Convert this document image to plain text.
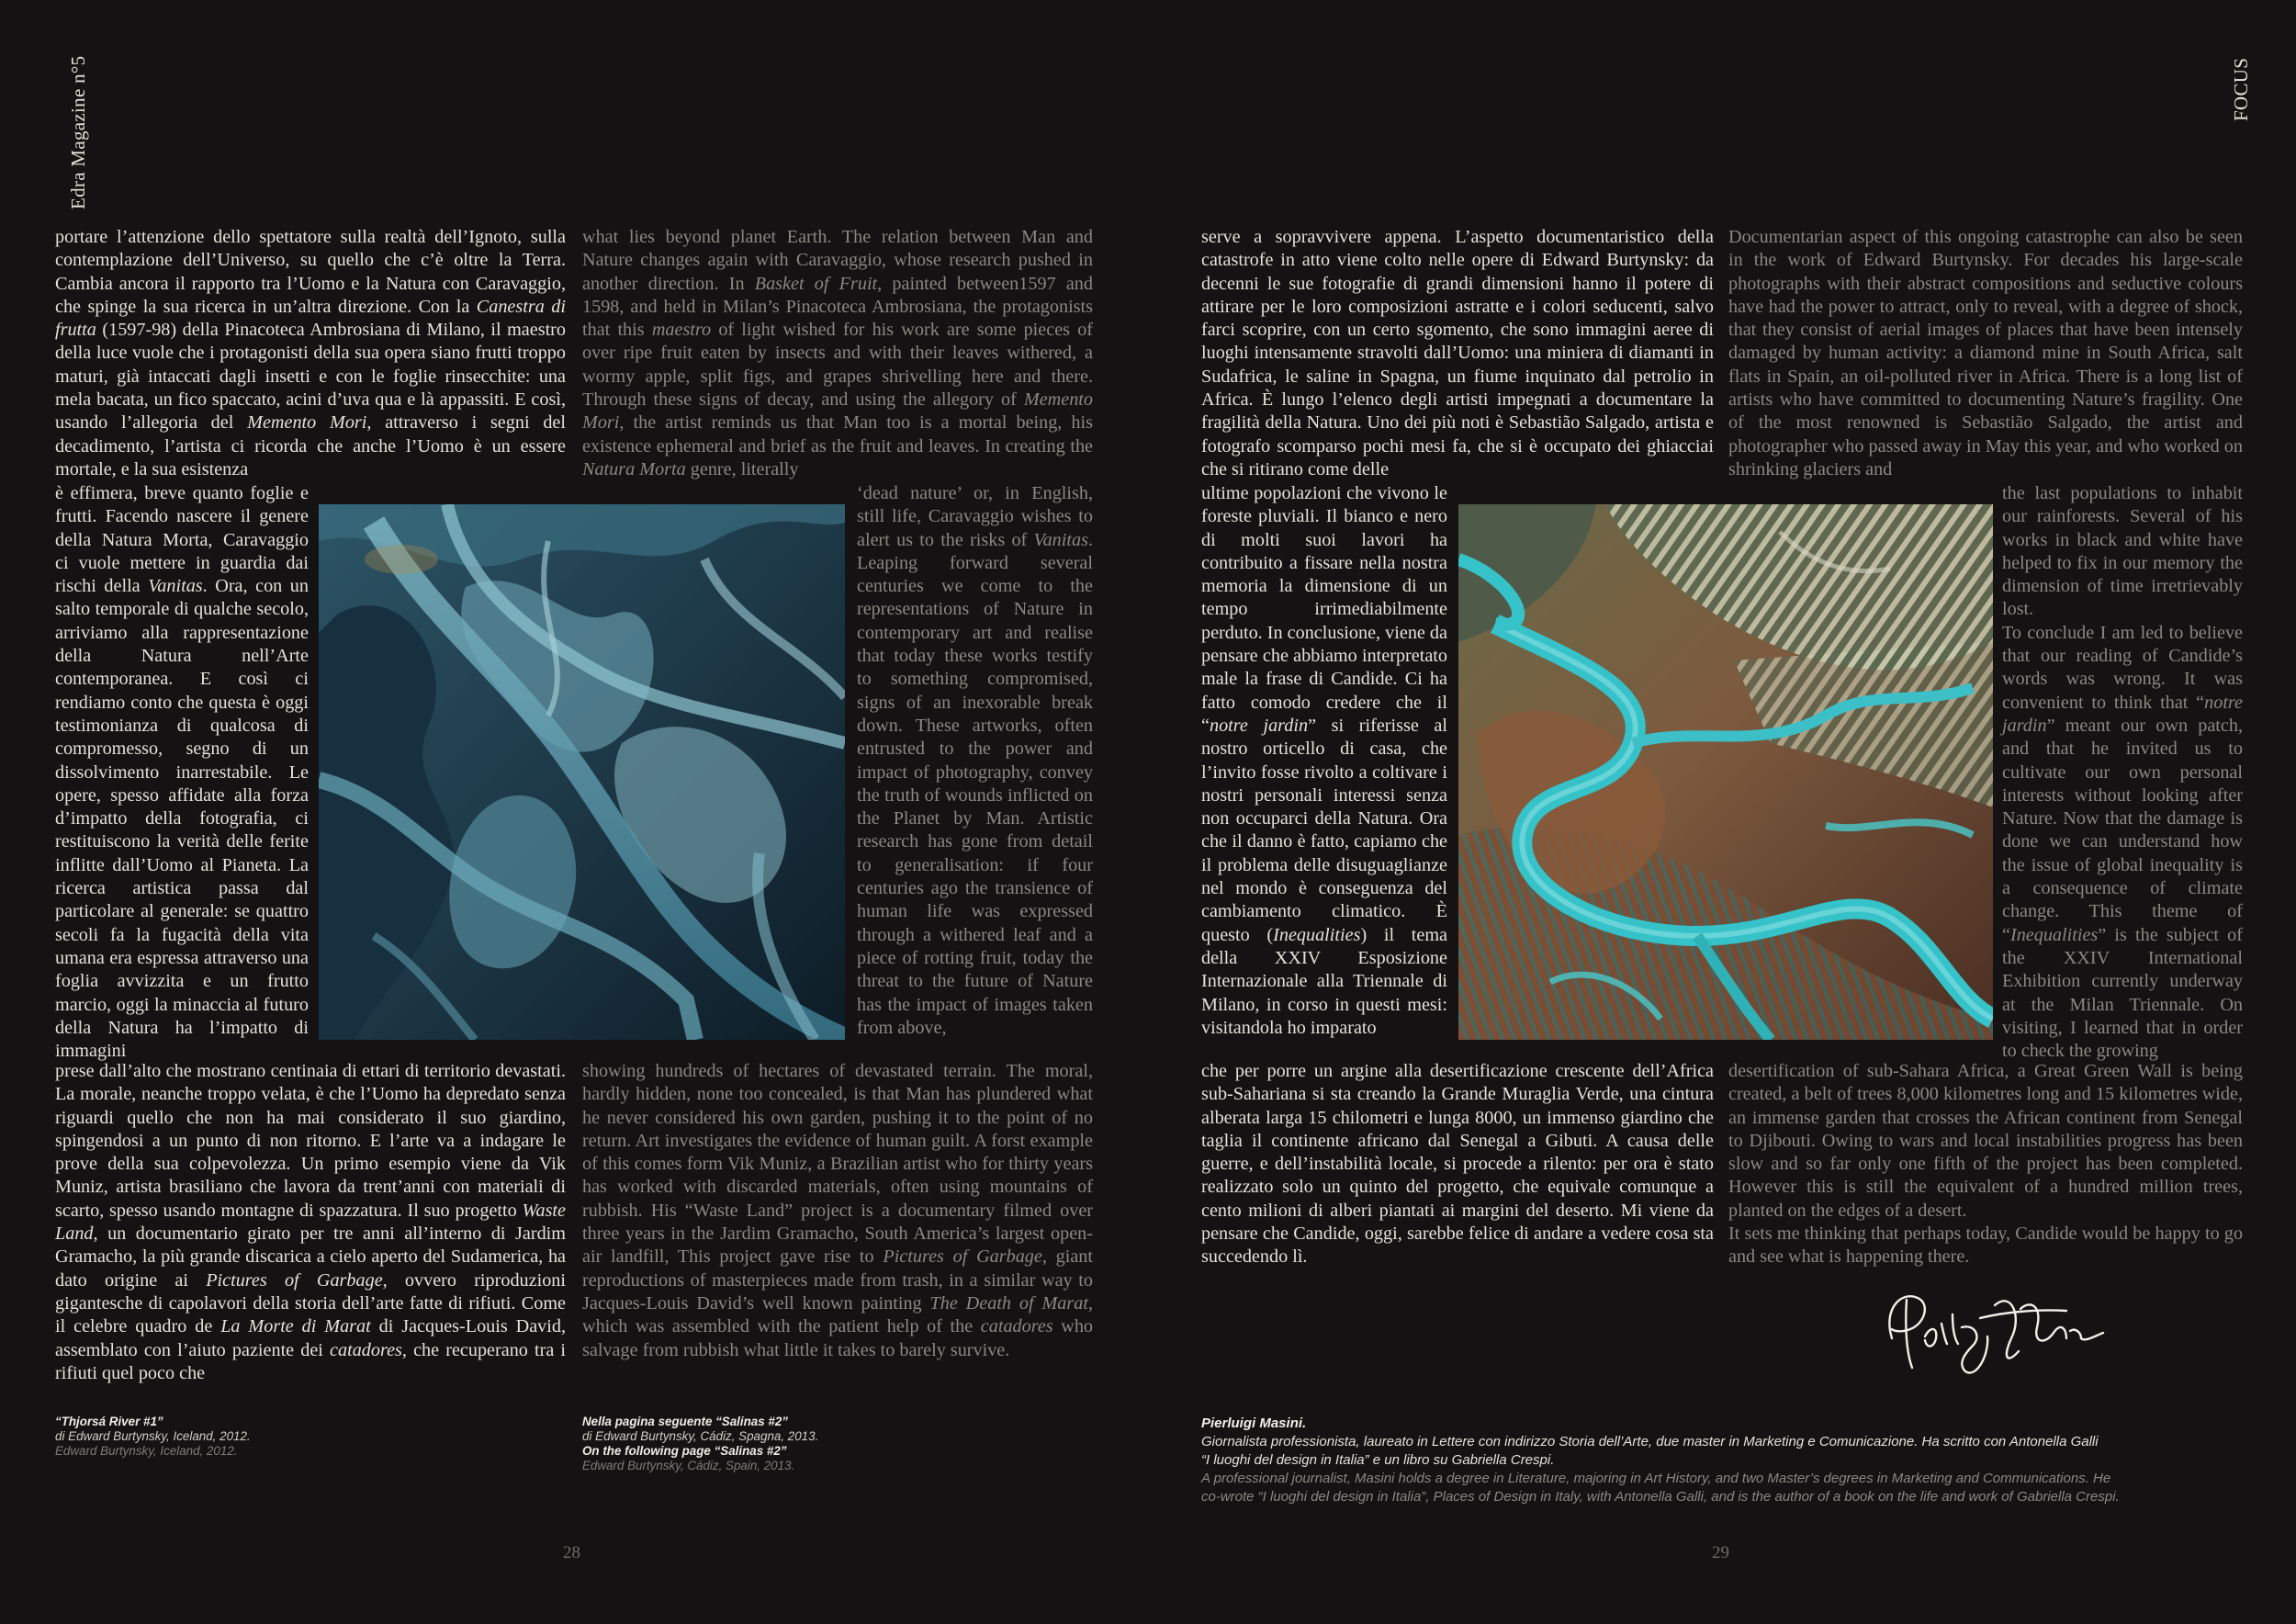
Edra Magazine n°5	FOCUS

portare l’attenzione dello spettatore sulla realtà dell’Ignoto, sulla contemplazione dell’Universo, su quello che c’è oltre la Terra. Cambia ancora il rapporto tra l’Uomo e la Natura con Caravaggio, che spinge la sua ricerca in un’altra direzione. Con la Canestra di frutta (1597-98) della Pinacoteca Ambrosiana di Milano, il maestro della luce vuole che i protagonisti della sua opera siano frutti troppo maturi, già intaccati dagli insetti e con le foglie rinsecchite: una mela bacata, un fico spaccato, acini d’uva qua e là appassiti. E così, usando l’allegoria del Memento Mori, attraverso i segni del decadimento, l’artista ci ricorda che anche l’Uomo è un essere mortale, e la sua esistenza

what lies beyond planet Earth. The relation between Man and Nature changes again with Caravaggio, whose research pushed in another direction. In Basket of Fruit, painted between1597 and 1598, and held in Milan’s Pinacoteca Ambrosiana, the protagonists that this maestro of light wished for his work are some pieces of over ripe fruit eaten by insects and with their leaves withered, a wormy apple, split figs, and grapes shrivelling here and there. Through these signs of decay, and using the allegory of Memento Mori, the artist reminds us that Man too is a mortal being, his existence ephemeral and brief as the fruit and leaves. In creating the Natura Morta genre, literally

è effimera, breve quanto foglie e frutti. Facendo nascere il genere della Natura Morta, Caravaggio ci vuole mettere in guardia dai rischi della Vanitas. Ora, con un salto temporale di qualche secolo, arriviamo alla rappresentazione della Natura nell’Arte contemporanea. E così ci rendiamo conto che questa è oggi testimonianza di qualcosa di compromesso, segno di un dissolvimento inarrestabile. Le opere, spesso affidate alla forza d’impatto della fotografia, ci restituiscono la verità delle ferite inflitte dall’Uomo al Pianeta. La ricerca artistica passa dal particolare al generale: se quattro secoli fa la fugacità della vita umana era espressa attraverso una foglia avvizzita e un frutto marcio, oggi la minaccia al futuro della Natura ha l’impatto di immagini

‘dead nature’ or, in English, still life, Caravaggio wishes to alert us to the risks of Vanitas. Leaping forward several centuries we come to the representations of Nature in contemporary art and realise that today these works testify to something compromised, signs of an inexorable break down. These artworks, often entrusted to the power and impact of photography, convey the truth of wounds inflicted on the Planet by Man. Artistic research has gone from detail to generalisation: if four centuries ago the transience of human life was expressed through a withered leaf and a piece of rotting fruit, today the threat to the future of Nature has the impact of images taken from above,

prese dall’alto che mostrano centinaia di ettari di territorio devastati. La morale, neanche troppo velata, è che l’Uomo ha depredato senza riguardi quello che non ha mai considerato il suo giardino, spingendosi a un punto di non ritorno. E l’arte va a indagare le prove della sua colpevolezza. Un primo esempio viene da Vik Muniz, artista brasiliano che lavora da trent’anni con materiali di scarto, spesso usando montagne di spazzatura. Il suo progetto Waste Land, un documentario girato per tre anni all’interno di Jardim Gramacho, la più grande discarica a cielo aperto del Sudamerica, ha dato origine ai Pictures of Garbage, ovvero riproduzioni gigantesche di capolavori della storia dell’arte fatte di rifiuti. Come il celebre quadro de La Morte di Marat di Jacques-Louis David, assemblato con l’aiuto paziente dei catadores, che recuperano tra i rifiuti quel poco che

showing hundreds of hectares of devastated terrain. The moral, hardly hidden, none too concealed, is that Man has plundered what he never considered his own garden, pushing it to the point of no return. Art investigates the evidence of human guilt. A forst example of this comes form Vik Muniz, a Brazilian artist who for thirty years has worked with discarded materials, often using mountains of rubbish. His “Waste Land” project is a documentary filmed over three years in the Jardim Gramacho, South America’s largest open-air landfill, This project gave rise to Pictures of Garbage, giant reproductions of masterpieces made from trash, in a similar way to Jacques-Louis David’s well known painting The Death of Marat, which was assembled with the patient help of the catadores who salvage from rubbish what little it takes to barely survive.

“Thjorsá River #1”
di Edward Burtynsky, Iceland, 2012.
Edward Burtynsky, Iceland, 2012.
Nella pagina seguente “Salinas #2”
di Edward Burtynsky, Cádiz, Spagna, 2013.
On the following page “Salinas #2”
Edward Burtynsky, Cádiz, Spain, 2013.
28

serve a sopravvivere appena. L’aspetto documentaristico della catastrofe in atto viene colto nelle opere di Edward Burtynsky: da decenni le sue fotografie di grandi dimensioni hanno il potere di attirare per le loro composizioni astratte e i colori seducenti, salvo farci scoprire, con un certo sgomento, che sono immagini aeree di luoghi intensamente stravolti dall’Uomo: una miniera di diamanti in Sudafrica, le saline in Spagna, un fiume inquinato dal petrolio in Africa. È lungo l’elenco degli artisti impegnati a documentare la fragilità della Natura. Uno dei più noti è Sebastião Salgado, artista e fotografo scomparso pochi mesi fa, che si è occupato dei ghiacciai che si ritirano come delle

Documentarian aspect of this ongoing catastrophe can also be seen in the work of Edward Burtynsky. For decades his large-scale photographs with their abstract compositions and seductive colours have had the power to attract, only to reveal, with a degree of shock, that they consist of aerial images of places that have been intensely damaged by human activity: a diamond mine in South Africa, salt flats in Spain, an oil-polluted river in Africa. There is a long list of artists who have committed to documenting Nature’s fragility. One of the most renowned is Sebastião Salgado, the artist and photographer who passed away in May this year, and who worked on shrinking glaciers and

ultime popolazioni che vivono le foreste pluviali. Il bianco e nero di molti suoi lavori ha contribuito a fissare nella nostra memoria la dimensione di un tempo irrimediabilmente perduto. In conclusione, viene da pensare che abbiamo interpretato male la frase di Candide. Ci ha fatto comodo credere che il “notre jardin” si riferisse al nostro orticello di casa, che l’invito fosse rivolto a coltivare i nostri personali interessi senza non occuparci della Natura. Ora che il danno è fatto, capiamo che il problema delle disuguaglianze nel mondo è conseguenza del cambiamento climatico. È questo (Inequalities) il tema della XXIV Esposizione Internazionale alla Triennale di Milano, in corso in questi mesi: visitandola ho imparato

the last populations to inhabit our rainforests. Several of his works in black and white have helped to fix in our memory the dimension of time irretrievably lost.
To conclude I am led to believe that our reading of Candide’s words was wrong. It was convenient to think that “notre jardin” meant our own patch, and that he invited us to cultivate our own personal interests without looking after Nature. Now that the damage is done we can understand how the issue of global inequality is a consequence of climate change. This theme of “Inequalities” is the subject of the XXIV International Exhibition currently underway at the Milan Triennale. On visiting, I learned that in order to check the growing

che per porre un argine alla desertificazione crescente dell’Africa sub-Sahariana si sta creando la Grande Muraglia Verde, una cintura alberata larga 15 chilometri e lunga 8000, un immenso giardino che taglia il continente africano dal Senegal a Gibuti. A causa delle guerre, e dell’instabilità locale, si procede a rilento: per ora è stato realizzato solo un quinto del progetto, che equivale comunque a cento milioni di alberi piantati ai margini del deserto. Mi viene da pensare che Candide, oggi, sarebbe felice di andare a vedere cosa sta succedendo lì.

desertification of sub-Sahara Africa, a Great Green Wall is being created, a belt of trees 8,000 kilometres long and 15 kilometres wide, an immense garden that crosses the African continent from Senegal to Djibouti. Owing to wars and local instabilities progress has been slow and so far only one fifth of the project has been completed. However this is still the equivalent of a hundred million trees, planted on the edges of a desert.
It sets me thinking that perhaps today, Candide would be happy to go and see what is happening there.

Pierluigi Masini.
Giornalista professionista, laureato in Lettere con indirizzo Storia dell’Arte, due master in Marketing e Comunicazione. Ha scritto con Antonella Galli
“I luoghi del design in Italia” e un libro su Gabriella Crespi.
A professional journalist, Masini holds a degree in Literature, majoring in Art History, and two Master’s degrees in Marketing and Communications. He
co-wrote “I luoghi del design in Italia”, Places of Design in Italy, with Antonella Galli, and is the author of a book on the life and work of Gabriella Crespi.
29
